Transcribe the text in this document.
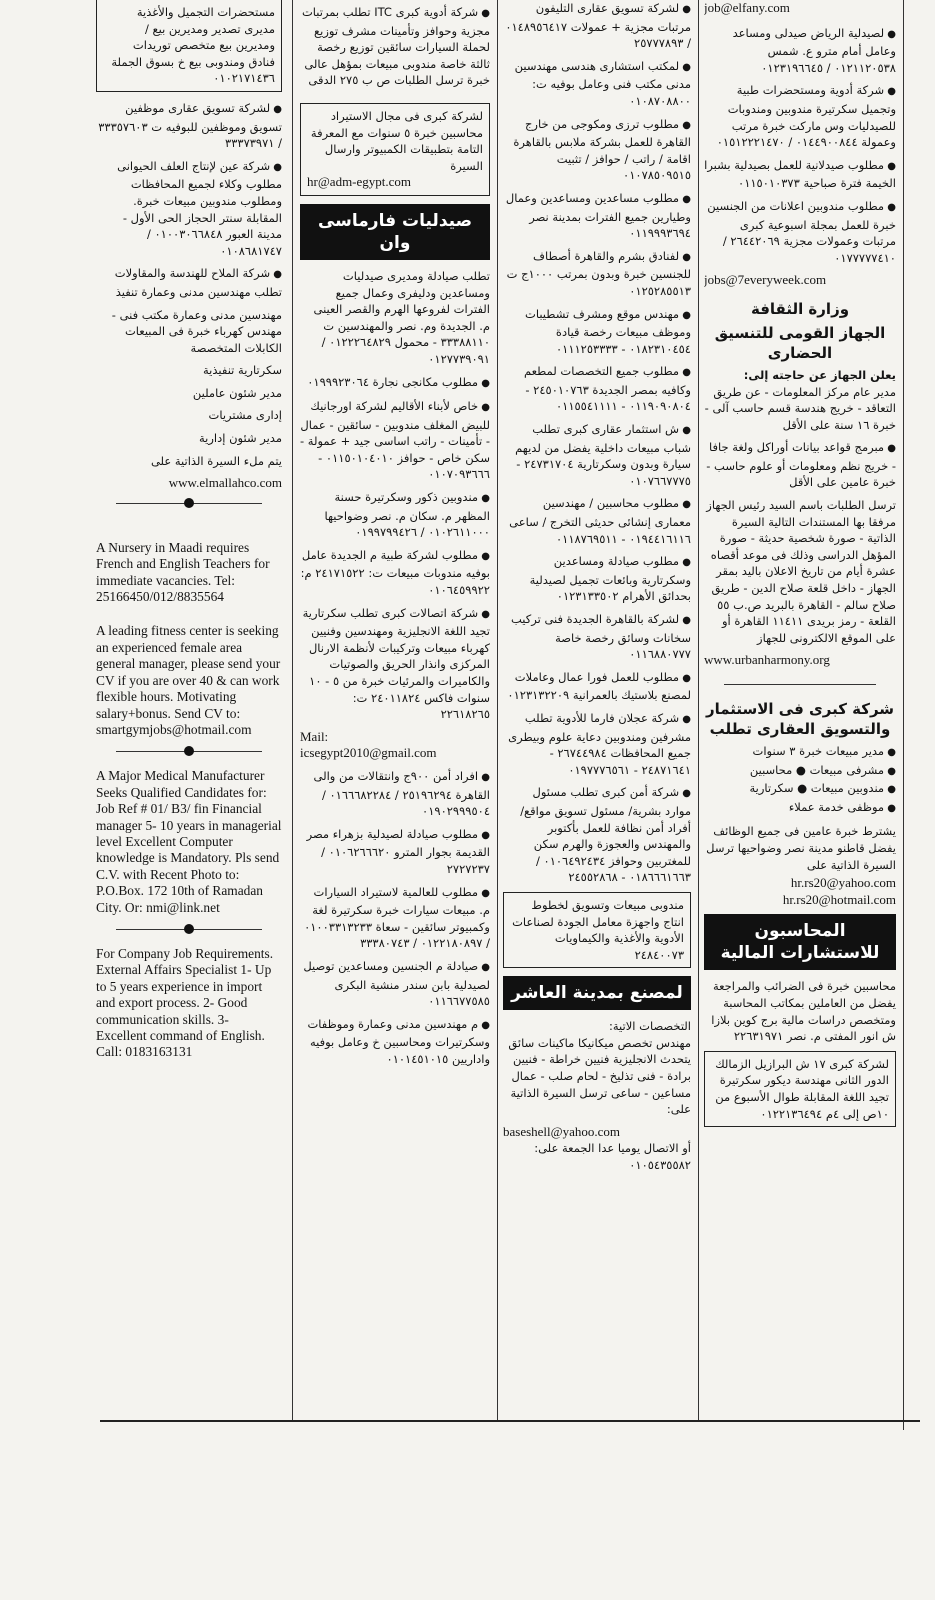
مستحضرات التجميل والأغذية مديرى تصدير ومديرين بيع / ومديرين بيع متخصص توريدات فنادق ومندوبى بيع خ بسوق الجملة ٠١٠٢١٧١٤٣٦
● لشركة تسويق عقارى موظفين تسويق وموظفين للبوفيه ت ٣٣٣٥٧٦٠٣ / ٣٣٣٧٣٩٧١
● شركة عين لإنتاج العلف الحيوانى مطلوب وكلاء لجميع المحافظات ومطلوب مندوبين مبيعات خبرة. المقابلة سنتر الحجاز الحى الأول - مدينة العبور ٠١٠٠٣٠٦٦٨٤٨ / ٠١٠٨٦٨١٧٤٧
● شركة الملاح للهندسة والمقاولات تطلب مهندسين مدنى وعمارة تنفيذ
مهندسين مدنى وعمارة مكتب فنى - مهندس كهرباء خبرة فى المبيعات الكابلات المتخصصة
سكرتارية تنفيذية
مدير شئون عاملين
إدارى مشتريات
مدير شئون إدارية
يتم ملء السيرة الذاتية على
www.elmallahco.com
A Nursery in Maadi requires French and English Teachers for immediate vacancies. Tel: 25166450/012/8835564
A leading fitness center is seeking an experienced female area general manager, please send your CV if you are over 40 & can work flexible hours. Motivating salary+bonus. Send CV to: smartgymjobs@hotmail.com
A Major Medical Manufacturer Seeks Qualified Candidates for: Job Ref # 01/ B3/ fin Financial manager 5- 10 years in managerial level Excellent Computer knowledge is Mandatory. Pls send C.V. with Recent Photo to: P.O.Box. 172 10th of Ramadan City. Or: nmi@link.net
For Company Job Requirements. External Affairs Specialist 1- Up to 5 years experience in import and export process. 2- Good communication skills. 3- Excellent command of English. Call: 0183163131
● شركة أدوية كبرى ITC تطلب بمرتبات مجزية وحوافز وتأمينات مشرف توزيع لحملة السيارات سائقين توزيع رخصة ثالثة خاصة مندوبى مبيعات بمؤهل عالى خبرة ترسل الطلبات ص ب ٢٧٥ الدقى
لشركة كبرى فى مجال الاستيراد محاسبين خبرة ٥ سنوات مع المعرفة التامة بتطبيقات الكمبيوتر وارسال السيرة
hr@adm-egypt.com
صيدليات فارماسى وان
تطلب صيادلة ومديرى صيدليات ومساعدين ودليفرى وعمال جميع الفترات لفروعها الهرم والقصر العينى م. الجديدة وم. نصر والمهندسين ت ٣٣٣٨٨١١٠ - محمول ٠١٢٢٢٦٤٨٢٩ / ٠١٢٧٧٣٩٠٩١
● مطلوب مكانجى نجارة ٠١٩٩٩٢٣٠٦٤
● خاص لأبناء الأقاليم لشركة اورجانيك للبيض المغلف مندوبين - سائقين - عمال - تأمينات - راتب اساسى جيد + عمولة - سكن خاص - حوافز ٠١١٥٠١٠٤٠١٠ - ٠١٠٧٠٩٣٦٦٦
● مندوبين ذكور وسكرتيرة حسنة المظهر م. سكان م. نصر وضواحيها ٠١٠٢٦١١٠٠٠ / ٠١٩٩٧٩٩٤٢٦
● مطلوب لشركة طبية م الجديدة عامل بوفيه مندوبات مبيعات ت: ٢٤١٧١٥٢٢ م: ٠١٠٦٤٥٩٩٢٢
● شركة اتصالات كبرى تطلب سكرتارية تجيد اللغة الانجليزية ومهندسين وفنيين كهرباء مبيعات وتركيبات لأنظمة الارنال المركزى وانذار الحريق والصوتيات والكاميرات والمرئيات خبرة من ٥ - ١٠ سنوات فاكس ٢٤٠١١٨٢٤ ت: ٢٢٦١٨٢٦٥
Mail:
icsegypt2010@gmail.com
● افراد أمن ٩٠٠ج وانتقالات من والى القاهرة ٢٥١٩٦٢٩٤ / ٠١٦٦٦٨٢٢٨٤ / ٠١٩٠٢٩٩٩٥٠٤
● مطلوب صيادلة لصيدلية بزهراء مصر القديمة بجوار المترو ٠١٠٦٢٦٦٦٢٠ / ٢٧٢٧٢٣٧
● مطلوب للعالمية لاستيراد السيارات م. مبيعات سيارات خبرة سكرتيرة لغة وكمبيوتر سائقين - سعاة ٠١٠٠٣٣١٣٢٣٣ / ٠١٢٢١٨٠٨٩٧ / ٣٣٣٨٠٧٤٣
● صيادلة م الجنسين ومساعدين توصيل لصيدلية بابن سندر منشية البكرى ٠١١٦٦٧٧٥٨٥
● م مهندسين مدنى وعمارة وموظفات وسكرتيرات ومحاسبين خ وعامل بوفيه واداريين ٠١٠١٤٥١٠١٥
● لشركة تسويق عقارى التليفون مرتبات مجزية + عمولات ٠١٤٨٩٥٦٤١٧ / ٢٥٧٧٧٨٩٣
● لمكتب استشارى هندسى مهندسين مدنى مكتب فنى وعامل بوفيه ت: ٠١٠٨٧٠٨٨٠٠
● مطلوب ترزى ومكوجى من خارج القاهرة للعمل بشركة ملابس بالقاهرة اقامة / راتب / حوافز / تثبيت ٠١٠٧٨٥٠٩٥١٥
● مطلوب مساعدين ومساعدين وعمال وطيارين جميع الفترات بمدينة نصر ٠١١٩٩٩٣٦٩٤
● لفنادق بشرم والقاهرة أصطاف للجنسين خبرة وبدون بمرتب ١٠٠٠ج ت ٠١٢٥٢٨٥٥١٣
● مهندس موقع ومشرف تشطيبات وموظف مبيعات رخصة قيادة ٠١٨٢٣١٠٤٥٤ - ٠١١١٢٥٣٣٣٣
● مطلوب جميع التخصصات لمطعم وكافيه بمصر الجديدة ٢٤٥٠١٠٧٦٣ - ٠١١٩٠٩٠٨٠٤ - ٠١١٥٥٤١١١١
● ش استثمار عقارى كبرى تطلب شباب مبيعات داخلية يفضل من لديهم سيارة وبدون وسكرتارية ٢٤٧٣١٧٠٤ - ٠١٠٧٦٦٧٧٧٥
● مطلوب محاسبين / مهندسين معمارى إنشائى حديثى التخرج / ساعى ٠١٩٤٤١٦١١٦ - ٠١١٨٧٦٩٥١١
● مطلوب صيادلة ومساعدين وسكرتارية وبائعات تجميل لصيدلية بحدائق الأهرام ٠١٢٣١٣٣٥٠٢
● لشركة بالقاهرة الجديدة فنى تركيب سخانات وسائق رخصة خاصة ٠١١٦٨٨٠٧٧٧
● مطلوب للعمل فورا عمال وعاملات لمصنع بلاستيك بالعمرانية ٠١٢٣١٣٢٢٠٩
● شركة عجلان فارما للأدوية تطلب مشرفين ومندوبين دعاية علوم وبيطرى جميع المحافظات ٢٦٧٤٤٩٨٤ - ٢٤٨٧١٦٤١ - ٠١٩٧٧٧٦٥٦١
● شركة أمن كبرى تطلب مسئول موارد بشرية/ مسئول تسويق مواقع/ أفراد أمن نظافة للعمل بأكتوبر والمهندس والعجوزة والهرم سكن للمغتربين وحوافز ٠١٠٦٤٩٢٤٣٤ / ٠١٨٦٦٦١٦٦٣ - ٢٤٥٥٢٨٦٨
مندوبى مبيعات وتسويق لخطوط انتاج واجهزة معامل الجودة لصناعات الأدوية والأغذية والكيماويات ٢٤٨٤٠٠٧٣
لمصنع بمدينة العاشر
التخصصات الاتية:
مهندس تخصص ميكانيكا ماكينات سائق يتحدث الانجليزية فنيين خراطة - فنيين برادة - فنى تذليخ - لحام صلب - عمال مساعين - ساعى ترسل السيرة الذاتية على:
baseshell@yahoo.com
أو الاتصال يوميا عدا الجمعة على: ٠١٠٥٤٣٥٥٨٢
job@elfany.com
● لصيدلية الرياض صيدلى ومساعد وعامل أمام مترو ع. شمس ٠١٢١١٢٠٥٣٨ / ٠١٢٣١٩٦٦٤٥
● شركة أدوية ومستحضرات طبية وتجميل سكرتيرة مندوبين ومندوبات للصيدليات وس ماركت خبرة مرتب وعمولة ٠١٤٤٩٠٠٨٤٤ / ٠١٥١٢٢٢١٤٧٠
● مطلوب صيدلانية للعمل بصيدلية بشبرا الخيمة فترة صباحية ٠١١٥٠١٠٣٧٣
● مطلوب مندوبين اعلانات من الجنسين خبرة للعمل بمجلة اسبوعية كبرى مرتبات وعمولات مجزية ٢٦٤٤٢٠٦٩ / ٠١٧٧٧٧٧٤١٠
jobs@7everyweek.com
وزارة الثقافة
الجهاز القومى للتنسيق الحضارى
يعلن الجهاز عن حاجته إلى:
مدير عام مركز المعلومات - عن طريق التعاقد - خريج هندسة قسم حاسب آلى - خبرة ١٦ سنة على الأقل
● مبرمج قواعد بيانات أوراكل ولغة جافا - خريج نظم ومعلومات أو علوم حاسب - خبرة عامين على الأقل
ترسل الطلبات باسم السيد رئيس الجهاز مرفقا بها المستندات التالية السيرة الذاتية - صورة شخصية حديثة - صورة المؤهل الدراسى وذلك فى موعد أقصاه عشرة أيام من تاريخ الاعلان باليد بمقر الجهاز - داخل قلعة صلاح الدين - طريق صلاح سالم - القاهرة بالبريد ص.ب ٥٥ القلعة - رمز بريدى ١١٤١١ القاهرة أو على الموقع الالكترونى للجهاز
www.urbanharmony.org
شركة كبرى فى الاستثمار والتسويق العقارى تطلب
● مدير مبيعات خبرة ٣ سنوات
● مشرفى مبيعات ● محاسبين
● مندوبين مبيعات ● سكرتارية
● موظفى خدمة عملاء
يشترط خبرة عامين فى جميع الوظائف يفضل قاطنو مدينة نصر وضواحيها ترسل السيرة الذاتية على
hr.rs20@yahoo.com
hr.rs20@hotmail.com
المحاسبون للاستشارات المالية
محاسبين خبرة فى الضرائب والمراجعة يفضل من العاملين بمكاتب المحاسبة ومتخصص دراسات مالية برج كوين بلازا ش انور المفتى م. نصر ٢٢٦٣١٩٧١
لشركة كبرى ١٧ ش البرازيل الزمالك الدور الثانى مهندسة ديكور سكرتيرة تجيد اللغة المقابلة طوال الأسبوع من ١٠ص إلى ٤م ٠١٢٢١٣٦٤٩٤
